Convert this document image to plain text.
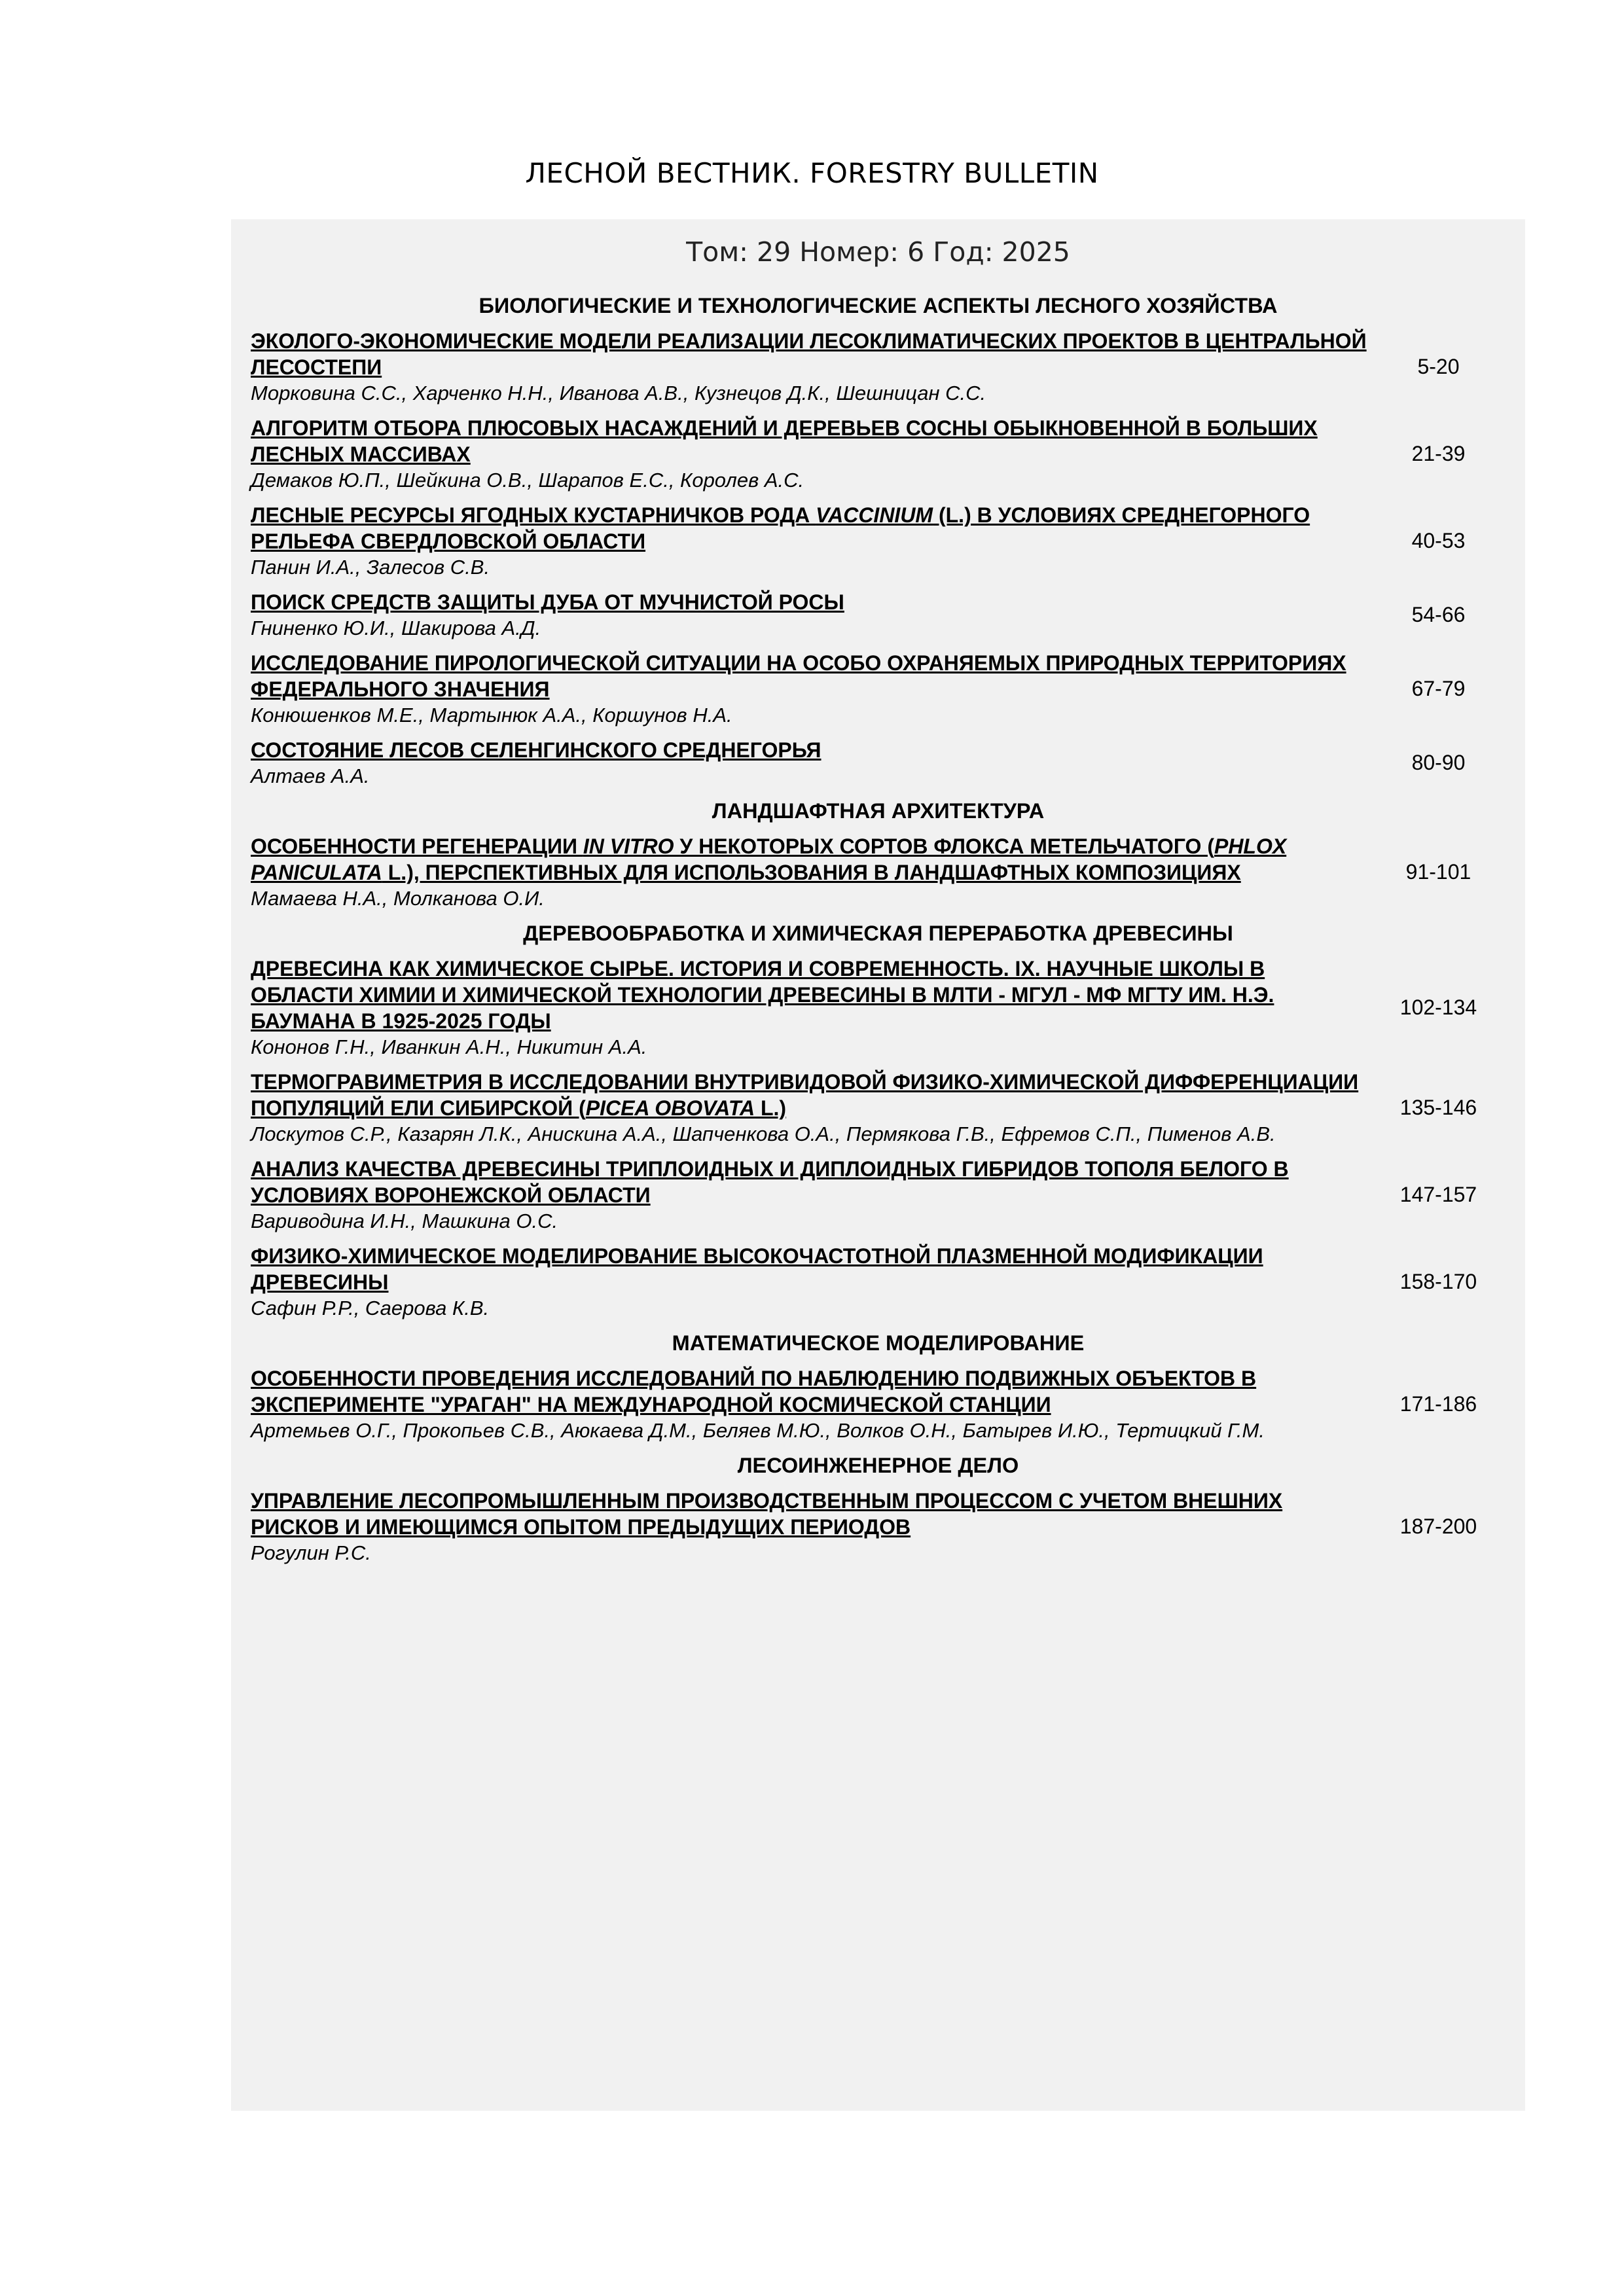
ЛЕСНОЙ ВЕСТНИК. FORESTRY BULLETIN
Том: 29 Номер: 6 Год: 2025
БИОЛОГИЧЕСКИЕ И ТЕХНОЛОГИЧЕСКИЕ АСПЕКТЫ ЛЕСНОГО ХОЗЯЙСТВА
ЭКОЛОГО-ЭКОНОМИЧЕСКИЕ МОДЕЛИ РЕАЛИЗАЦИИ ЛЕСОКЛИМАТИЧЕСКИХ ПРОЕКТОВ В ЦЕНТРАЛЬНОЙ ЛЕСОСТЕПИ
Морковина С.С., Харченко Н.Н., Иванова А.В., Кузнецов Д.К., Шешницан С.С.
5-20
АЛГОРИТМ ОТБОРА ПЛЮСОВЫХ НАСАЖДЕНИЙ И ДЕРЕВЬЕВ СОСНЫ ОБЫКНОВЕННОЙ В БОЛЬШИХ ЛЕСНЫХ МАССИВАХ
Демаков Ю.П., Шейкина О.В., Шарапов Е.С., Королев А.С.
21-39
ЛЕСНЫЕ РЕСУРСЫ ЯГОДНЫХ КУСТАРНИЧКОВ РОДА VACCINIUM (L.) В УСЛОВИЯХ СРЕДНЕГОРНОГО РЕЛЬЕФА СВЕРДЛОВСКОЙ ОБЛАСТИ
Панин И.А., Залесов С.В.
40-53
ПОИСК СРЕДСТВ ЗАЩИТЫ ДУБА ОТ МУЧНИСТОЙ РОСЫ
Гниненко Ю.И., Шакирова А.Д.
54-66
ИССЛЕДОВАНИЕ ПИРОЛОГИЧЕСКОЙ СИТУАЦИИ НА ОСОБО ОХРАНЯЕМЫХ ПРИРОДНЫХ ТЕРРИТОРИЯХ ФЕДЕРАЛЬНОГО ЗНАЧЕНИЯ
Конюшенков М.Е., Мартынюк А.А., Коршунов Н.А.
67-79
СОСТОЯНИЕ ЛЕСОВ СЕЛЕНГИНСКОГО СРЕДНЕГОРЬЯ
Алтаев А.А.
80-90
ЛАНДШАФТНАЯ АРХИТЕКТУРА
ОСОБЕННОСТИ РЕГЕНЕРАЦИИ IN VITRO У НЕКОТОРЫХ СОРТОВ ФЛОКСА МЕТЕЛЬЧАТОГО (PHLOX PANICULATA L.), ПЕРСПЕКТИВНЫХ ДЛЯ ИСПОЛЬЗОВАНИЯ В ЛАНДШАФТНЫХ КОМПОЗИЦИЯХ
Мамаева Н.А., Молканова О.И.
91-101
ДЕРЕВООБРАБОТКА И ХИМИЧЕСКАЯ ПЕРЕРАБОТКА ДРЕВЕСИНЫ
ДРЕВЕСИНА КАК ХИМИЧЕСКОЕ СЫРЬЕ. ИСТОРИЯ И СОВРЕМЕННОСТЬ. IX. НАУЧНЫЕ ШКОЛЫ В ОБЛАСТИ ХИМИИ И ХИМИЧЕСКОЙ ТЕХНОЛОГИИ ДРЕВЕСИНЫ В МЛТИ - МГУЛ - МФ МГТУ ИМ. Н.Э. БАУМАНА В 1925-2025 ГОДЫ
Кононов Г.Н., Иванкин А.Н., Никитин А.А.
102-134
ТЕРМОГРАВИМЕТРИЯ В ИССЛЕДОВАНИИ ВНУТРИВИДОВОЙ ФИЗИКО-ХИМИЧЕСКОЙ ДИФФЕРЕНЦИАЦИИ ПОПУЛЯЦИЙ ЕЛИ СИБИРСКОЙ (PICEA OBOVATA L.)
Лоскутов С.Р., Казарян Л.К., Анискина А.А., Шапченкова О.А., Пермякова Г.В., Ефремов С.П., Пименов А.В.
135-146
АНАЛИЗ КАЧЕСТВА ДРЕВЕСИНЫ ТРИПЛОИДНЫХ И ДИПЛОИДНЫХ ГИБРИДОВ ТОПОЛЯ БЕЛОГО В УСЛОВИЯХ ВОРОНЕЖСКОЙ ОБЛАСТИ
Вариводина И.Н., Машкина О.С.
147-157
ФИЗИКО-ХИМИЧЕСКОЕ МОДЕЛИРОВАНИЕ ВЫСОКОЧАСТОТНОЙ ПЛАЗМЕННОЙ МОДИФИКАЦИИ ДРЕВЕСИНЫ
Сафин Р.Р., Саерова К.В.
158-170
МАТЕМАТИЧЕСКОЕ МОДЕЛИРОВАНИЕ
ОСОБЕННОСТИ ПРОВЕДЕНИЯ ИССЛЕДОВАНИЙ ПО НАБЛЮДЕНИЮ ПОДВИЖНЫХ ОБЪЕКТОВ В ЭКСПЕРИМЕНТЕ "УРАГАН" НА МЕЖДУНАРОДНОЙ КОСМИЧЕСКОЙ СТАНЦИИ
Артемьев О.Г., Прокопьев С.В., Аюкаева Д.М., Беляев М.Ю., Волков О.Н., Батырев И.Ю., Тертицкий Г.М.
171-186
ЛЕСОИНЖЕНЕРНОЕ ДЕЛО
УПРАВЛЕНИЕ ЛЕСОПРОМЫШЛЕННЫМ ПРОИЗВОДСТВЕННЫМ ПРОЦЕССОМ С УЧЕТОМ ВНЕШНИХ РИСКОВ И ИМЕЮЩИМСЯ ОПЫТОМ ПРЕДЫДУЩИХ ПЕРИОДОВ
Рогулин Р.С.
187-200
